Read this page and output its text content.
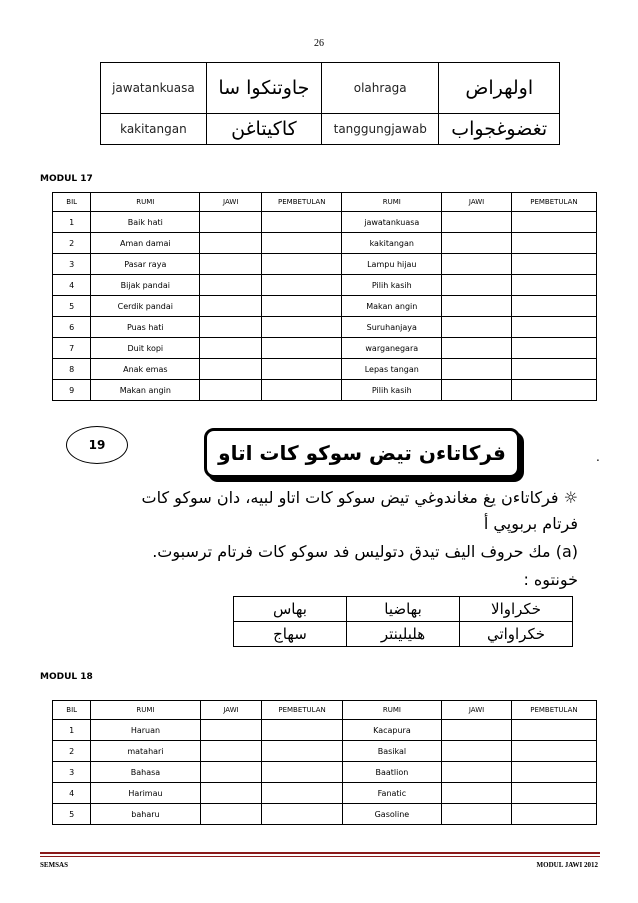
26
jawatankuasa	جاوتنكوا سا	olahraga	اولهراض
kakitangan	كاكيتاغن	tanggungjawab	تغضوغجواب
MODUL 17
BIL	RUMI	JAWI	PEMBETULAN	RUMI	JAWI	PEMBETULAN
1	Baik hati			jawatankuasa		
2	Aman damai			kakitangan		
3	Pasar raya			Lampu hijau		
4	Bijak pandai			Pilih kasih		
5	Cerdik pandai			Makan angin		
6	Puas hati			Suruhanjaya		
7	Duit kopi			warganegara		
8	Anak emas			Lepas tangan		
9	Makan angin			Pilih kasih		
19	فركاتاءن تيض سوكو كات اتاو	.
☼ فركاتاءن يغ مغاندوغي تيض سوكو كات اتاو لبيه، دان سوكو كات
فرتام بربوڽي أ
(a) مك حروف اليف تيدق دتوليس فد سوكو كات فرتام ترسبوت.
خونتوه :
بهاس	بهاضيا	خكراوالا
سهاج	هليلينتر	خكراواتي
MODUL 18
BIL	RUMI	JAWI	PEMBETULAN	RUMI	JAWI	PEMBETULAN
1	Haruan			Kacapura		
2	matahari			Basikal		
3	Bahasa			Baatlion		
4	Harimau			Fanatic		
5	baharu			Gasoline		
SEMSAS	MODUL JAWI 2012
